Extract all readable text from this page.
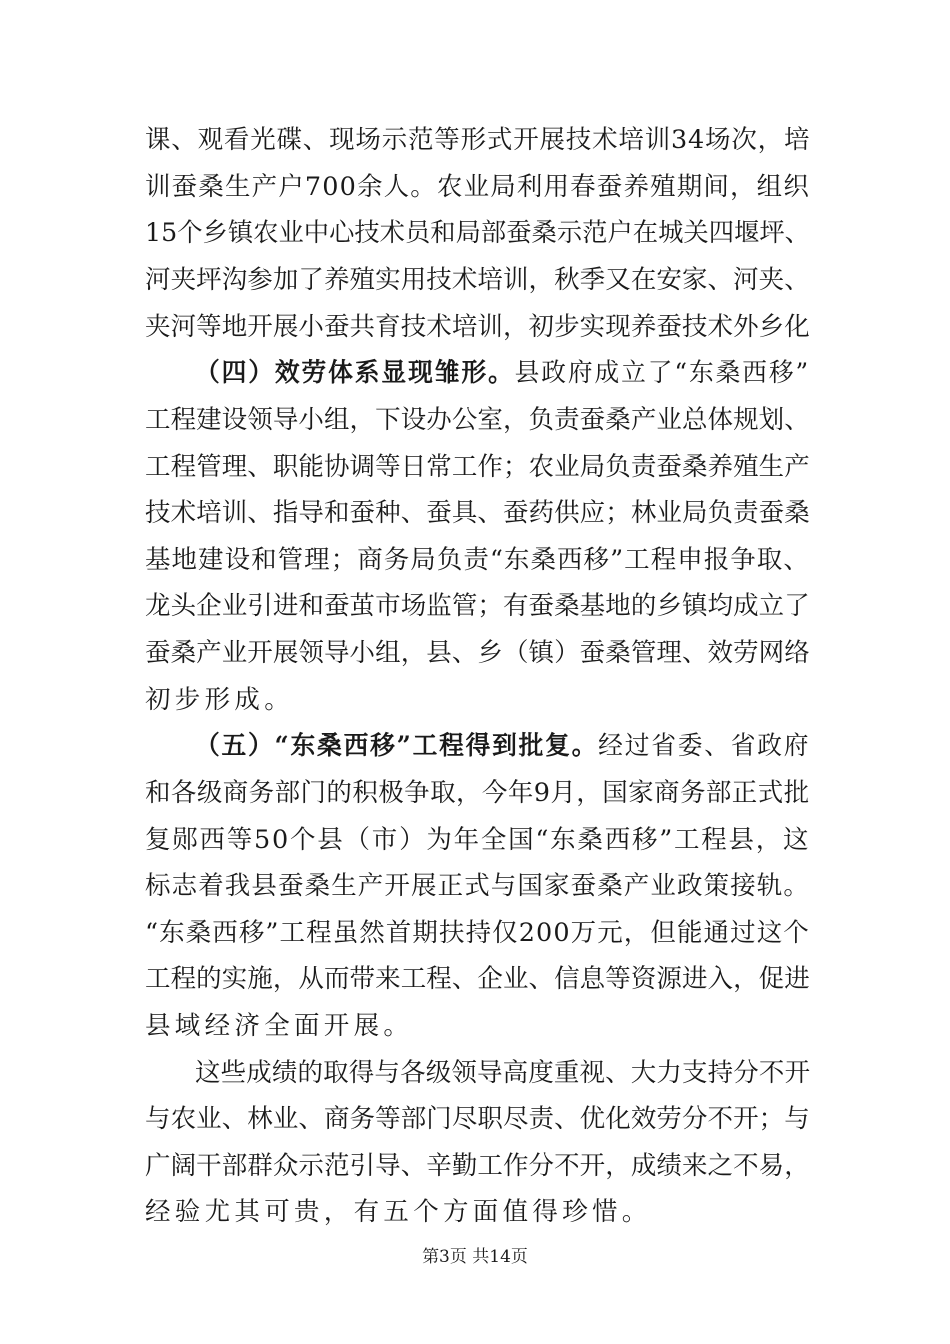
课、观看光碟、现场示范等形式开展技术培训34场次，培
训蚕桑生产户700余人。农业局利用春蚕养殖期间，组织
15个乡镇农业中心技术员和局部蚕桑示范户在城关四堰坪、
河夹坪沟参加了养殖实用技术培训，秋季又在安家、河夹、
夹河等地开展小蚕共育技术培训，初步实现养蚕技术外乡化
（四）效劳体系显现雏形。县政府成立了“东桑西移”
工程建设领导小组，下设办公室，负责蚕桑产业总体规划、
工程管理、职能协调等日常工作；农业局负责蚕桑养殖生产
技术培训、指导和蚕种、蚕具、蚕药供应；林业局负责蚕桑
基地建设和管理；商务局负责“东桑西移”工程申报争取、
龙头企业引进和蚕茧市场监管；有蚕桑基地的乡镇均成立了
蚕桑产业开展领导小组，县、乡（镇）蚕桑管理、效劳网络
初步形成。
（五）“东桑西移”工程得到批复。经过省委、省政府
和各级商务部门的积极争取，今年9月，国家商务部正式批
复郧西等50个县（市）为年全国“东桑西移”工程县，这
标志着我县蚕桑生产开展正式与国家蚕桑产业政策接轨。
“东桑西移”工程虽然首期扶持仅200万元，但能通过这个
工程的实施，从而带来工程、企业、信息等资源进入，促进
县域经济全面开展。
这些成绩的取得与各级领导高度重视、大力支持分不开
与农业、林业、商务等部门尽职尽责、优化效劳分不开；与
广阔干部群众示范引导、辛勤工作分不开，成绩来之不易，
经验尤其可贵，有五个方面值得珍惜。
第3页 共14页
